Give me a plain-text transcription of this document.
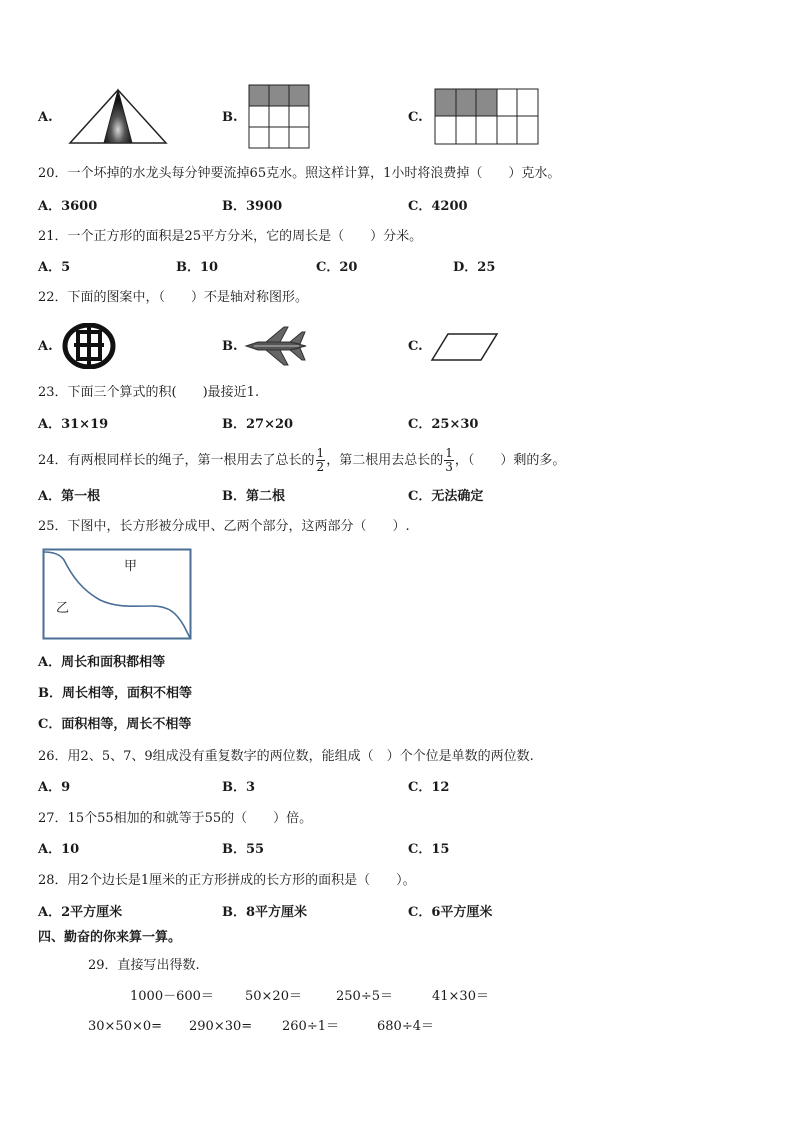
A.	B.	C.
20．一个坏掉的水龙头每分钟要流掉65克水。照这样计算，1小时将浪费掉（　　）克水。
A．3600	B．3900	C．4200
21．一个正方形的面积是25平方分米，它的周长是（　　）分米。
A．5	B．10	C．20	D．25
22．下面的图案中，（　　）不是轴对称图形。
A.	B.	C.
23．下面三个算式的积(　　)最接近1.
A．31×19	B．27×20	C．25×30
24．有两根同样长的绳子，第一根用去了总长的 $\frac{1}{2}$ ，第二根用去总长的 $\frac{1}{3}$ ，（　　）剩的多。
A．第一根	B．第二根	C．无法确定
25．下图中，长方形被分成甲、乙两个部分，这两部分（　　）.
甲
乙
A．周长和面积都相等
B．周长相等，面积不相等
C．面积相等，周长不相等
26．用2、5、7、9组成没有重复数字的两位数，能组成（　）个个位是单数的两位数.
A．9	B．3	C．12
27．15个55相加的和就等于55的（　　）倍。
A．10	B．55	C．15
28．用2个边长是1厘米的正方形拼成的长方形的面积是（　　）。
A．2平方厘米	B．8平方厘米	C．6平方厘米
四、勤奋的你来算一算。
29．直接写出得数.
1000－600＝ 50×20＝	250÷5＝	41×30＝
30×50×0= 290×30= 260÷1＝	680÷4＝
